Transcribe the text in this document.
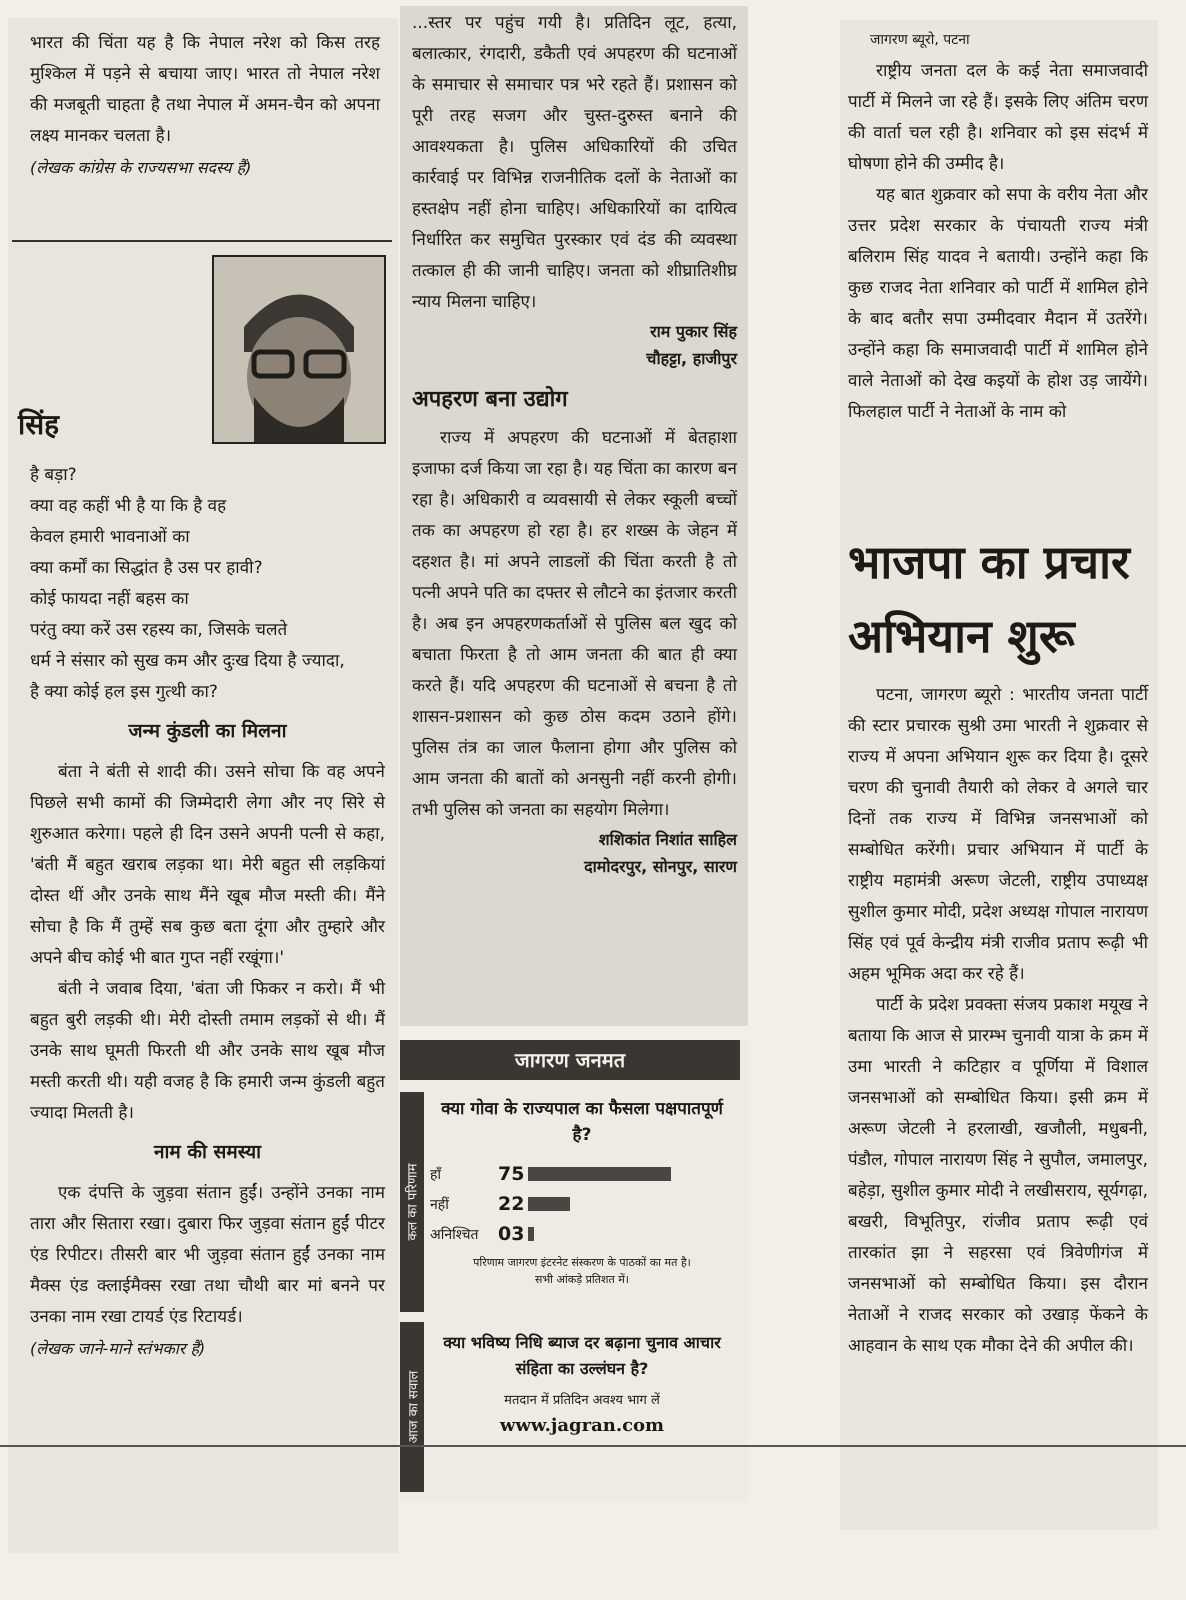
भारत की चिंता यह है कि नेपाल नरेश को किस तरह मुश्किल में पड़ने से बचाया जाए। भारत तो नेपाल नरेश की मजबूती चाहता है तथा नेपाल में अमन-चैन को अपना लक्ष्य मानकर चलता है।

(लेखक कांग्रेस के राज्यसभा सदस्य हैं)

सिंह

है बड़ा?

क्या वह कहीं भी है या कि है वह

केवल हमारी भावनाओं का

क्या कर्मों का सिद्धांत है उस पर हावी?

कोई फायदा नहीं बहस का

परंतु क्या करें उस रहस्य का, जिसके चलते

धर्म ने संसार को सुख कम और दुःख दिया है ज्यादा,

है क्या कोई हल इस गुत्थी का?

जन्म कुंडली का मिलना

बंता ने बंती से शादी की। उसने सोचा कि वह अपने पिछले सभी कामों की जिम्मेदारी लेगा और नए सिरे से शुरुआत करेगा। पहले ही दिन उसने अपनी पत्नी से कहा, 'बंती मैं बहुत खराब लड़का था। मेरी बहुत सी लड़कियां दोस्त थीं और उनके साथ मैंने खूब मौज मस्ती की। मैंने सोचा है कि मैं तुम्हें सब कुछ बता दूंगा और तुम्हारे और अपने बीच कोई भी बात गुप्त नहीं रखूंगा।'

बंती ने जवाब दिया, 'बंता जी फिकर न करो। मैं भी बहुत बुरी लड़की थी। मेरी दोस्ती तमाम लड़कों से थी। मैं उनके साथ घूमती फिरती थी और उनके साथ खूब मौज मस्ती करती थी। यही वजह है कि हमारी जन्म कुंडली बहुत ज्यादा मिलती है।

नाम की समस्या

एक दंपत्ति के जुड़वा संतान हुईं। उन्होंने उनका नाम तारा और सितारा रखा। दुबारा फिर जुड़वा संतान हुईं पीटर एंड रिपीटर। तीसरी बार भी जुड़वा संतान हुईं उनका नाम मैक्स एंड क्लाईमैक्स रखा तथा चौथी बार मां बनने पर उनका नाम रखा टायर्ड एंड रिटायर्ड।

(लेखक जाने-माने स्तंभकार हैं)

...स्तर पर पहुंच गयी है। प्रतिदिन लूट, हत्या, बलात्कार, रंगदारी, डकैती एवं अपहरण की घटनाओं के समाचार से समाचार पत्र भरे रहते हैं। प्रशासन को पूरी तरह सजग और चुस्त-दुरुस्त बनाने की आवश्यकता है। पुलिस अधिकारियों की उचित कार्रवाई पर विभिन्न राजनीतिक दलों के नेताओं का हस्तक्षेप नहीं होना चाहिए। अधिकारियों का दायित्व निर्धारित कर समुचित पुरस्कार एवं दंड की व्यवस्था तत्काल ही की जानी चाहिए। जनता को शीघ्रातिशीघ्र न्याय मिलना चाहिए।

राम पुकार सिंह
चौहट्टा, हाजीपुर
अपहरण बना उद्योग

राज्य में अपहरण की घटनाओं में बेतहाशा इजाफा दर्ज किया जा रहा है। यह चिंता का कारण बन रहा है। अधिकारी व व्यवसायी से लेकर स्कूली बच्चों तक का अपहरण हो रहा है। हर शख्स के जेहन में दहशत है। मां अपने लाडलों की चिंता करती है तो पत्नी अपने पति का दफ्तर से लौटने का इंतजार करती है। अब इन अपहरणकर्ताओं से पुलिस बल खुद को बचाता फिरता है तो आम जनता की बात ही क्या करते हैं। यदि अपहरण की घटनाओं से बचना है तो शासन-प्रशासन को कुछ ठोस कदम उठाने होंगे। पुलिस तंत्र का जाल फैलाना होगा और पुलिस को आम जनता की बातों को अनसुनी नहीं करनी होगी। तभी पुलिस को जनता का सहयोग मिलेगा।

शशिकांत निशांत साहिल
दामोदरपुर, सोनपुर, सारण
जागरण जनमत
कल का परिणाम
क्या गोवा के राज्यपाल का फैसला पक्षपातपूर्ण है?
हाँ	75
नहीं	22
अनिश्चित	03
परिणाम जागरण इंटरनेट संस्करण के पाठकों का मत है।
सभी आंकड़े प्रतिशत में।
आज का सवाल
क्या भविष्य निधि ब्याज दर बढ़ाना चुनाव आचार संहिता का उल्लंघन है?
मतदान में प्रतिदिन अवश्य भाग लें
www.jagran.com
जागरण ब्यूरो, पटना

राष्ट्रीय जनता दल के कई नेता समाजवादी पार्टी में मिलने जा रहे हैं। इसके लिए अंतिम चरण की वार्ता चल रही है। शनिवार को इस संदर्भ में घोषणा होने की उम्मीद है।

यह बात शुक्रवार को सपा के वरीय नेता और उत्तर प्रदेश सरकार के पंचायती राज्य मंत्री बलिराम सिंह यादव ने बतायी। उन्होंने कहा कि कुछ राजद नेता शनिवार को पार्टी में शामिल होने के बाद बतौर सपा उम्मीदवार मैदान में उतरेंगे। उन्होंने कहा कि समाजवादी पार्टी में शामिल होने वाले नेताओं को देख कइयों के होश उड़ जायेंगे। फिलहाल पार्टी ने नेताओं के नाम को

भाजपा का प्रचार अभियान शुरू

पटना, जागरण ब्यूरो : भारतीय जनता पार्टी की स्टार प्रचारक सुश्री उमा भारती ने शुक्रवार से राज्य में अपना अभियान शुरू कर दिया है। दूसरे चरण की चुनावी तैयारी को लेकर वे अगले चार दिनों तक राज्य में विभिन्न जनसभाओं को सम्बोधित करेंगी। प्रचार अभियान में पार्टी के राष्ट्रीय महामंत्री अरूण जेटली, राष्ट्रीय उपाध्यक्ष सुशील कुमार मोदी, प्रदेश अध्यक्ष गोपाल नारायण सिंह एवं पूर्व केन्द्रीय मंत्री राजीव प्रताप रूढ़ी भी अहम भूमिक अदा कर रहे हैं।

पार्टी के प्रदेश प्रवक्ता संजय प्रकाश मयूख ने बताया कि आज से प्रारम्भ चुनावी यात्रा के क्रम में उमा भारती ने कटिहार व पूर्णिया में विशाल जनसभाओं को सम्बोधित किया। इसी क्रम में अरूण जेटली ने हरलाखी, खजौली, मधुबनी, पंडौल, गोपाल नारायण सिंह ने सुपौल, जमालपुर, बहेड़ा, सुशील कुमार मोदी ने लखीसराय, सूर्यगढ़ा, बखरी, विभूतिपुर, रांजीव प्रताप रूढ़ी एवं तारकांत झा ने सहरसा एवं त्रिवेणीगंज में जनसभाओं को सम्बोधित किया। इस दौरान नेताओं ने राजद सरकार को उखाड़ फेंकने के आहवान के साथ एक मौका देने की अपील की।
